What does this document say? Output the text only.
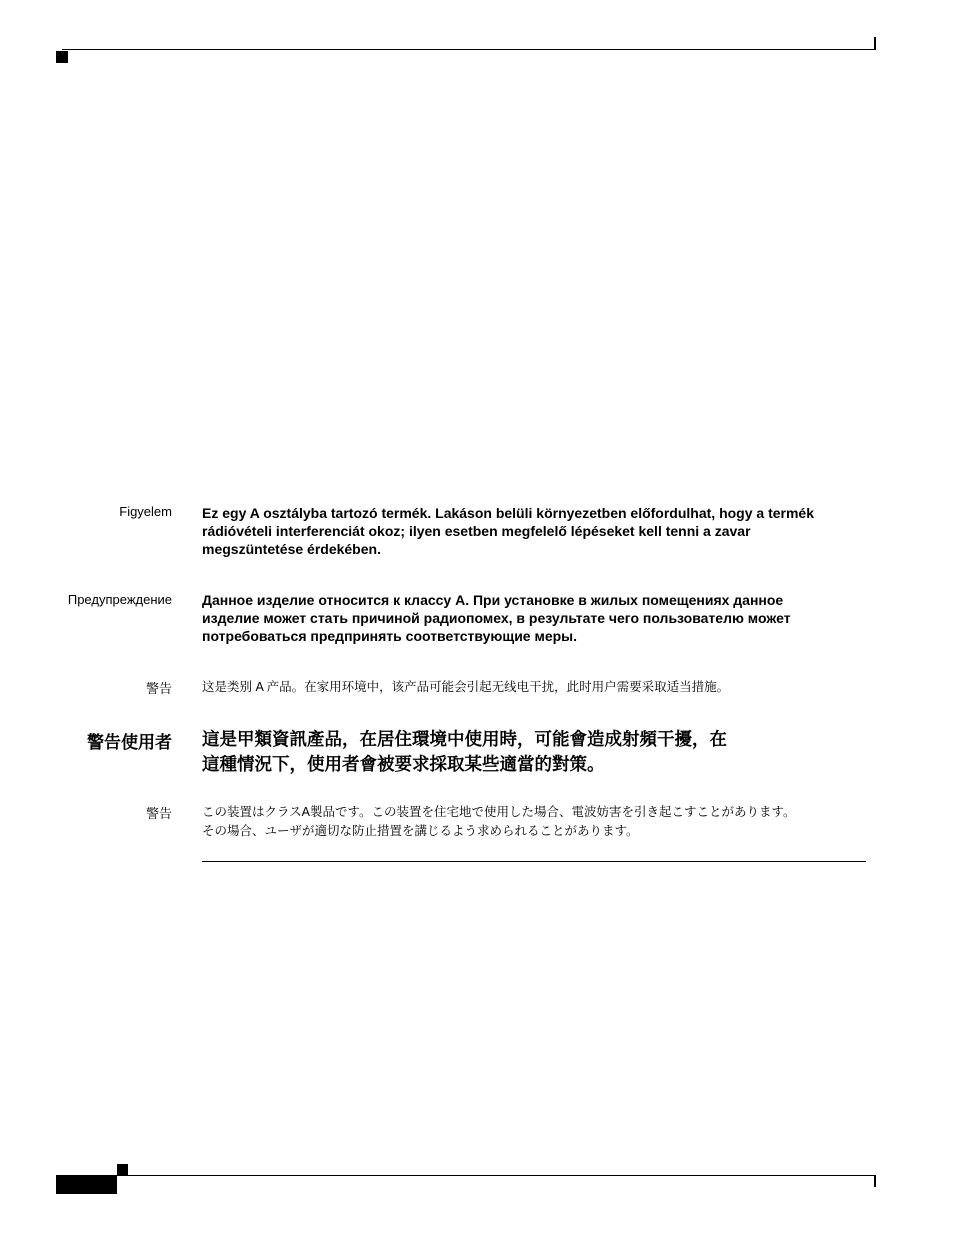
Figyelem Ez egy A osztályba tartozó termék. Lakáson belüli környezetben előfordulhat, hogy a termék
rádióvételi interferenciát okoz; ilyen esetben megfelelő lépéseket kell tenni a zavar
megszüntetése érdekében.
Предупреждение Данное изделие относится к классу А. При установке в жилых помещениях данное
изделие может стать причиной радиопомех, в результате чего пользователю может
потребоваться предпринять соответствующие меры.
警告 这是类别 A 产品。在家用环境中，该产品可能会引起无线电干扰，此时用户需要采取适当措施。
警告使用者 這是甲類資訊產品，在居住環境中使用時，可能會造成射頻干擾，在
這種情況下，使用者會被要求採取某些適當的對策。
警告 この装置はクラスA製品です。この装置を住宅地で使用した場合、電波妨害を引き起こすことがあります。
その場合、ユーザが適切な防止措置を講じるよう求められることがあります。
